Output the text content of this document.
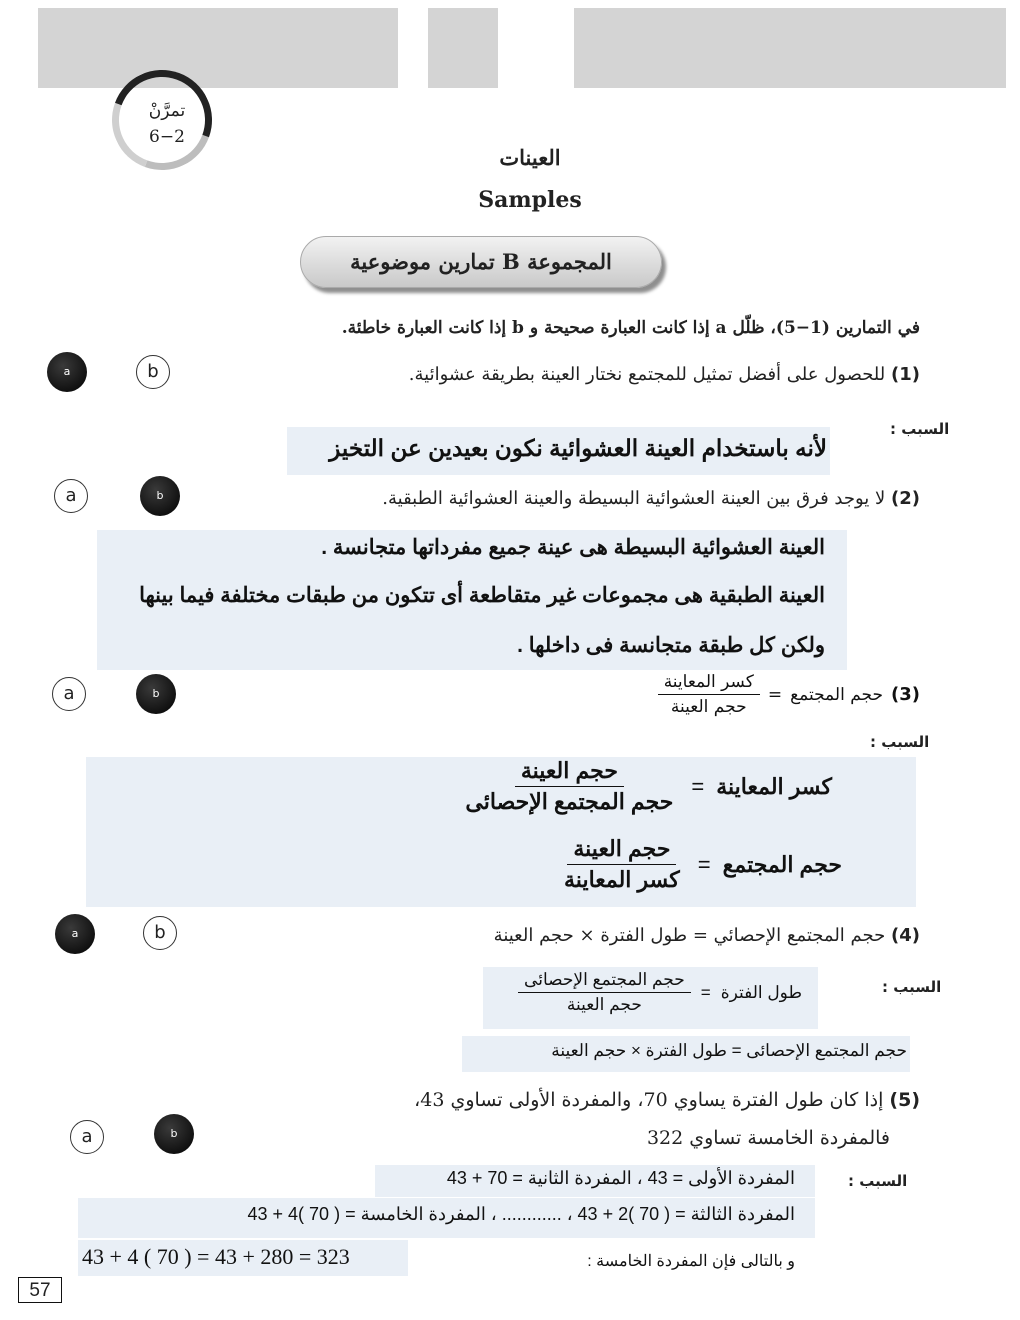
تمرَّنْ
6−2
العينات
Samples
المجموعة B تمارين موضوعية
في التمارين (1−5)، ظلّل a إذا كانت العبارة صحيحة و b إذا كانت العبارة خاطئة.
a	b	(1) للحصول على أفضل تمثيل للمجتمع نختار العينة بطريقة عشوائية.
السبب :
لأنه باستخدام العينة العشوائية نكون بعيدين عن التخيز
a	b	(2) لا يوجد فرق بين العينة العشوائية البسيطة والعينة العشوائية الطبقية.
العينة العشوائية البسيطة هى عينة جميع مفرداتها متجانسة .
العينة الطبقية هى مجموعات غير متقاطعة أى تتكون من طبقات مختلفة فيما بينها
ولكن كل طبقة متجانسة فى داخلها .
a	b	(3)
حجم المجتمع
=
$\frac{\text{كسر المعاينة}}{\text{حجم العينة}}$
السبب :
كسر المعاينة
=
$\frac{\text{حجم العينة}}{\text{حجم المجتمع الإحصائى}}$
حجم المجتمع
=
$\frac{\text{حجم العينة}}{\text{كسر المعاينة}}$
a	b	(4) حجم المجتمع الإحصائي = طول الفترة × حجم العينة
السبب :
طول الفترة
=
$\frac{\text{حجم المجتمع الإحصائى}}{\text{حجم العينة}}$
حجم المجتمع الإحصائى = طول الفترة × حجم العينة
(5) إذا كان طول الفترة يساوي 70، والمفردة الأولى تساوي 43،
فالمفردة الخامسة تساوي 322
a	b
السبب :
المفردة الأولى = 43 ، المفردة الثانية = 70 + 43
المفردة الثالثة = ( 70 )2 + 43 ، ............ ، المفردة الخامسة = ( 70 )4 + 43
43 + 4 ( 70 ) = 43 + 280 = 323	و بالتالى فإن المفردة الخامسة :
57
